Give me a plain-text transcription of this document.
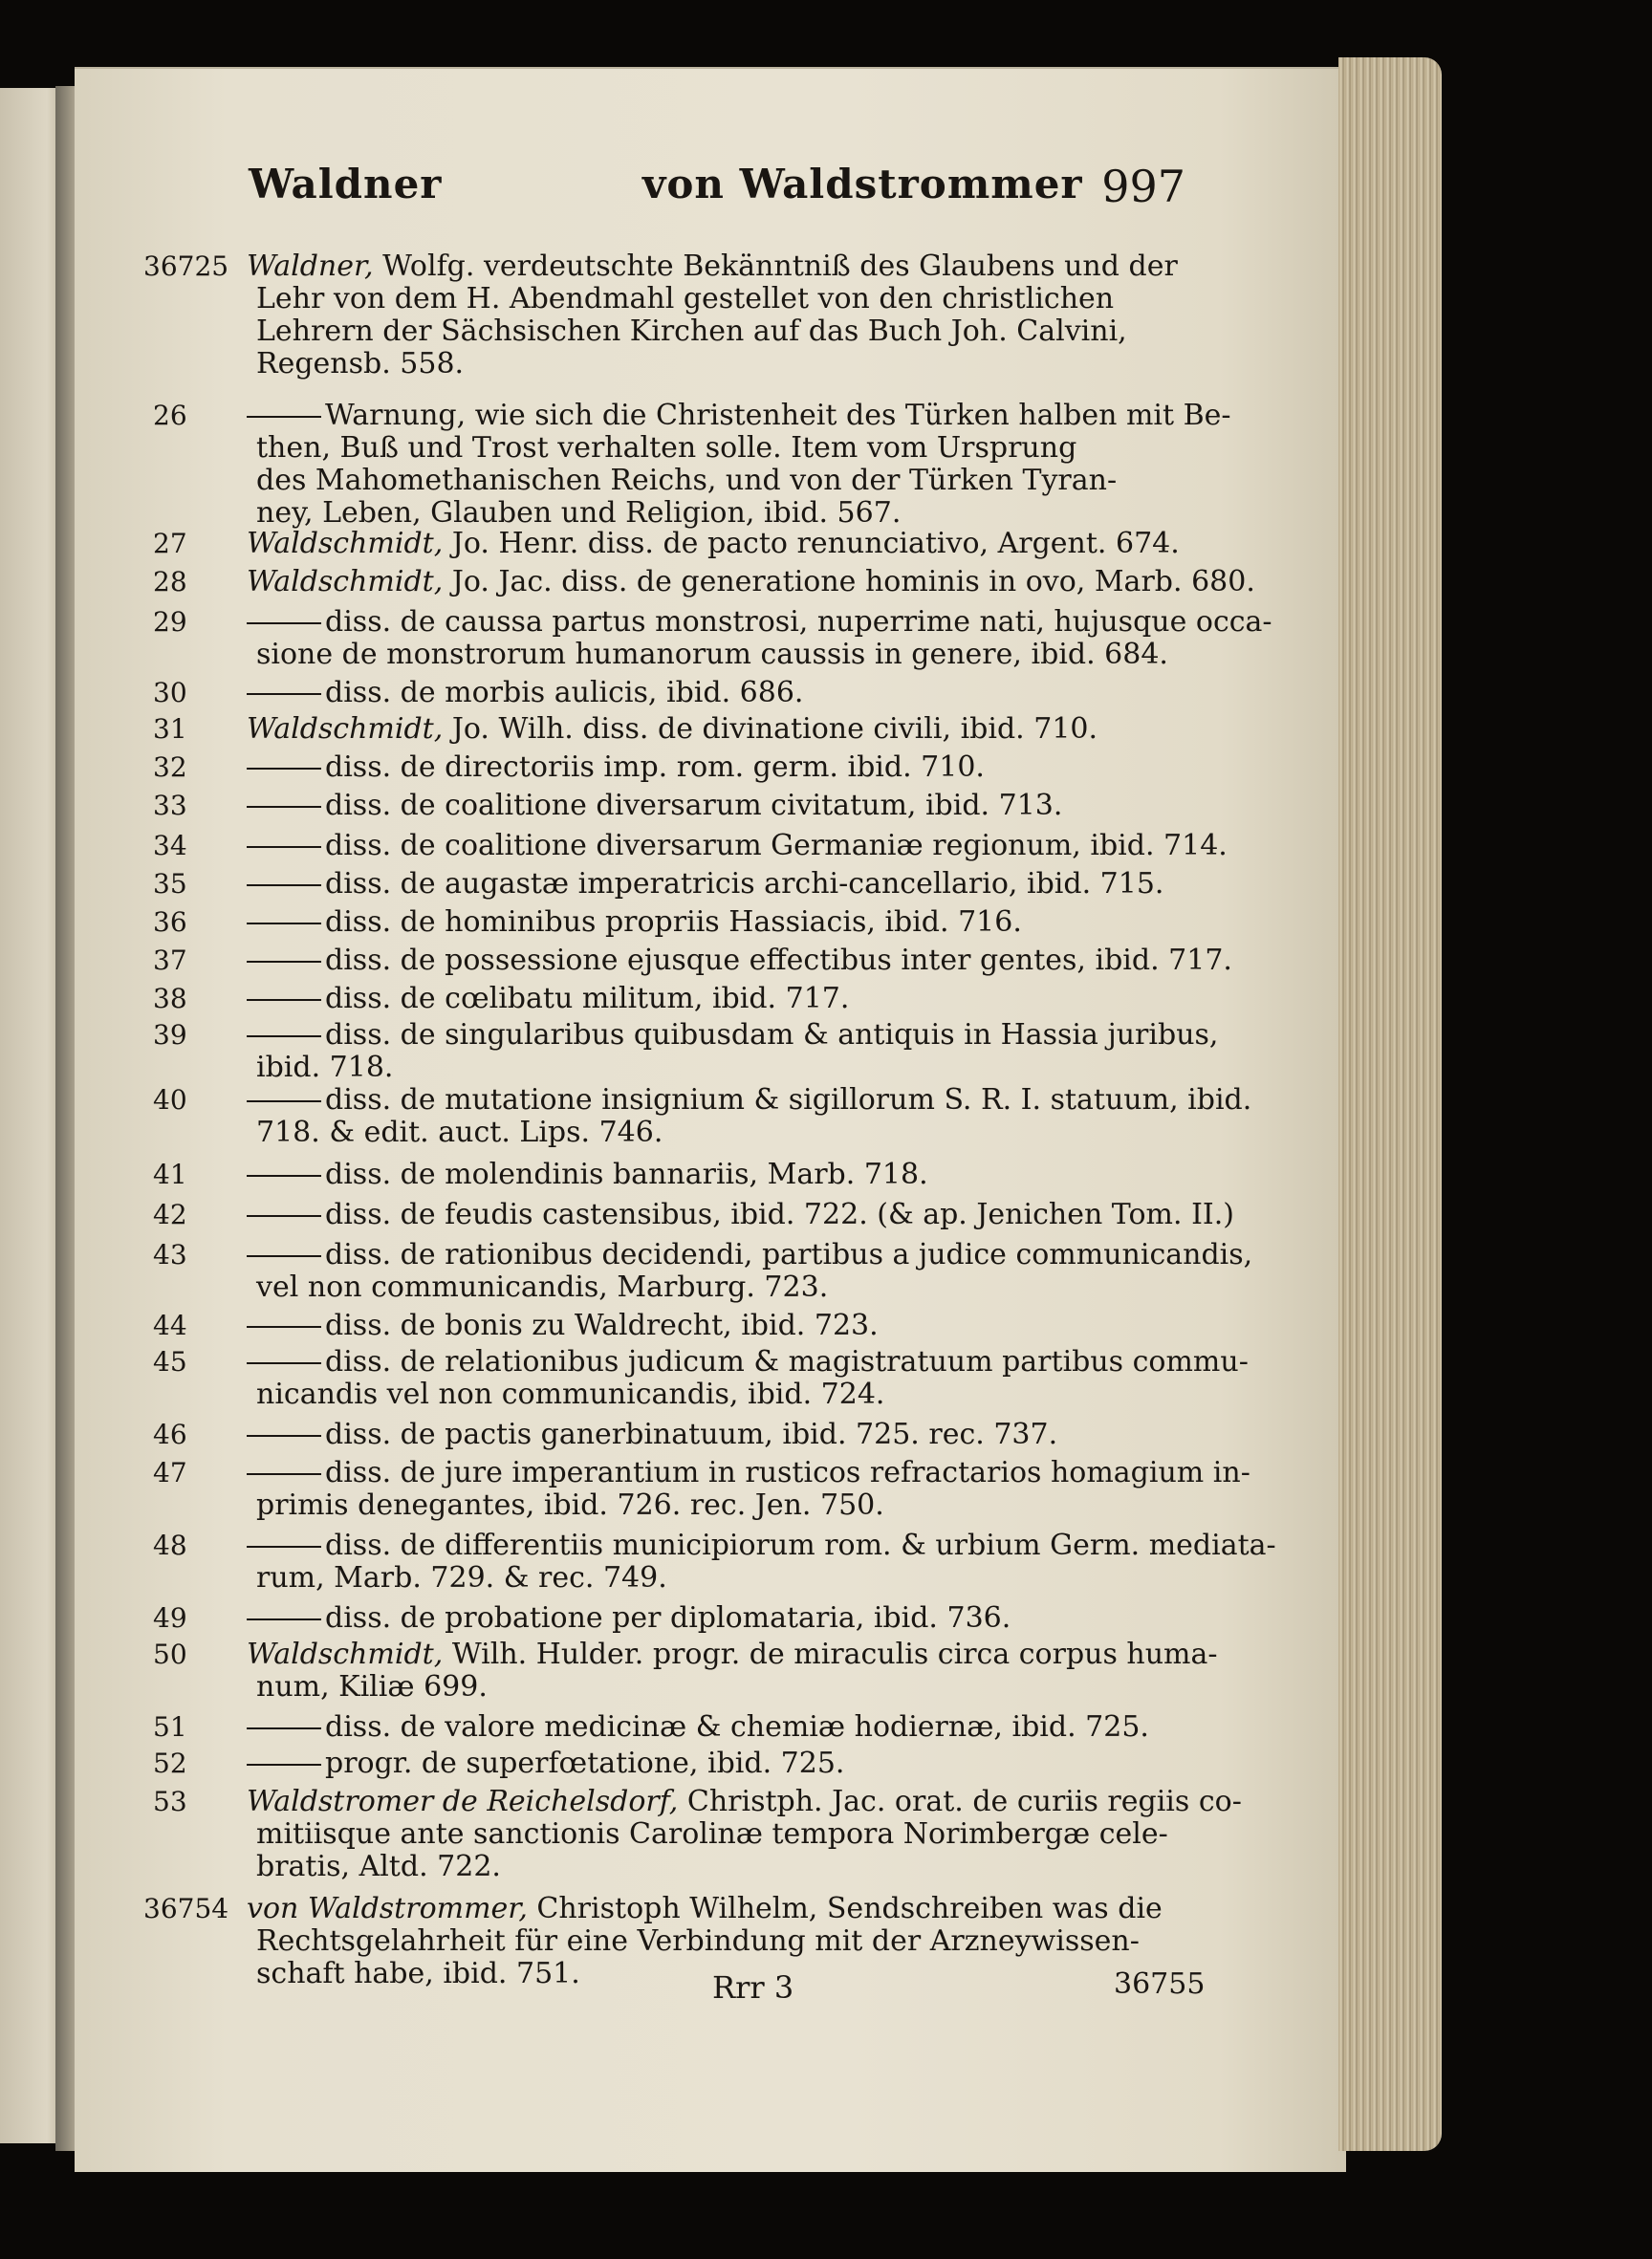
Waldner	von Waldstrommer 997
36725 Waldner, Wolfg. verdeutschte Bekänntniß des Glaubens und der
Lehr von dem H. Abendmahl gestellet von den christlichen
Lehrern der Sächsischen Kirchen auf das Buch Joh. Calvini,
Regensb. 558.
26	Warnung, wie sich die Christenheit des Türken halben mit Be-
then, Buß und Trost verhalten solle. Item vom Ursprung
des Mahomethanischen Reichs, und von der Türken Tyran-
ney, Leben, Glauben und Religion, ibid. 567.
27 Waldschmidt, Jo. Henr. diss. de pacto renunciativo, Argent. 674.
28 Waldschmidt, Jo. Jac. diss. de generatione hominis in ovo, Marb. 680.
29	diss. de caussa partus monstrosi, nuperrime nati, hujusque occa-
sione de monstrorum humanorum caussis in genere, ibid. 684.
30	diss. de morbis aulicis, ibid. 686.
31 Waldschmidt, Jo. Wilh. diss. de divinatione civili, ibid. 710.
32	diss. de directoriis imp. rom. germ. ibid. 710.
33	diss. de coalitione diversarum civitatum, ibid. 713.
34	diss. de coalitione diversarum Germaniæ regionum, ibid. 714.
35	diss. de augastæ imperatricis archi-cancellario, ibid. 715.
36	diss. de hominibus propriis Hassiacis, ibid. 716.
37	diss. de possessione ejusque effectibus inter gentes, ibid. 717.
38	diss. de cœlibatu militum, ibid. 717.
39	diss. de singularibus quibusdam & antiquis in Hassia juribus,
ibid. 718.
40	diss. de mutatione insignium & sigillorum S. R. I. statuum, ibid.
718. & edit. auct. Lips. 746.
41	diss. de molendinis bannariis, Marb. 718.
42	diss. de feudis castensibus, ibid. 722. (& ap. Jenichen Tom. II.)
43	diss. de rationibus decidendi, partibus a judice communicandis,
vel non communicandis, Marburg. 723.
44	diss. de bonis zu Waldrecht, ibid. 723.
45	diss. de relationibus judicum & magistratuum partibus commu-
nicandis vel non communicandis, ibid. 724.
46	diss. de pactis ganerbinatuum, ibid. 725. rec. 737.
47	diss. de jure imperantium in rusticos refractarios homagium in-
primis denegantes, ibid. 726. rec. Jen. 750.
48	diss. de differentiis municipiorum rom. & urbium Germ. mediata-
rum, Marb. 729. & rec. 749.
49	diss. de probatione per diplomataria, ibid. 736.
50 Waldschmidt, Wilh. Hulder. progr. de miraculis circa corpus huma-
num, Kiliæ 699.
51	diss. de valore medicinæ & chemiæ hodiernæ, ibid. 725.
52	progr. de superfœtatione, ibid. 725.
53 Waldstromer de Reichelsdorf, Christph. Jac. orat. de curiis regiis co-
mitiisque ante sanctionis Carolinæ tempora Norimbergæ cele-
bratis, Altd. 722.
36754 von Waldstrommer, Christoph Wilhelm, Sendschreiben was die
Rechtsgelahrheit für eine Verbindung mit der Arzneywissen-
schaft habe, ibid. 751.	Rrr 3	36755
